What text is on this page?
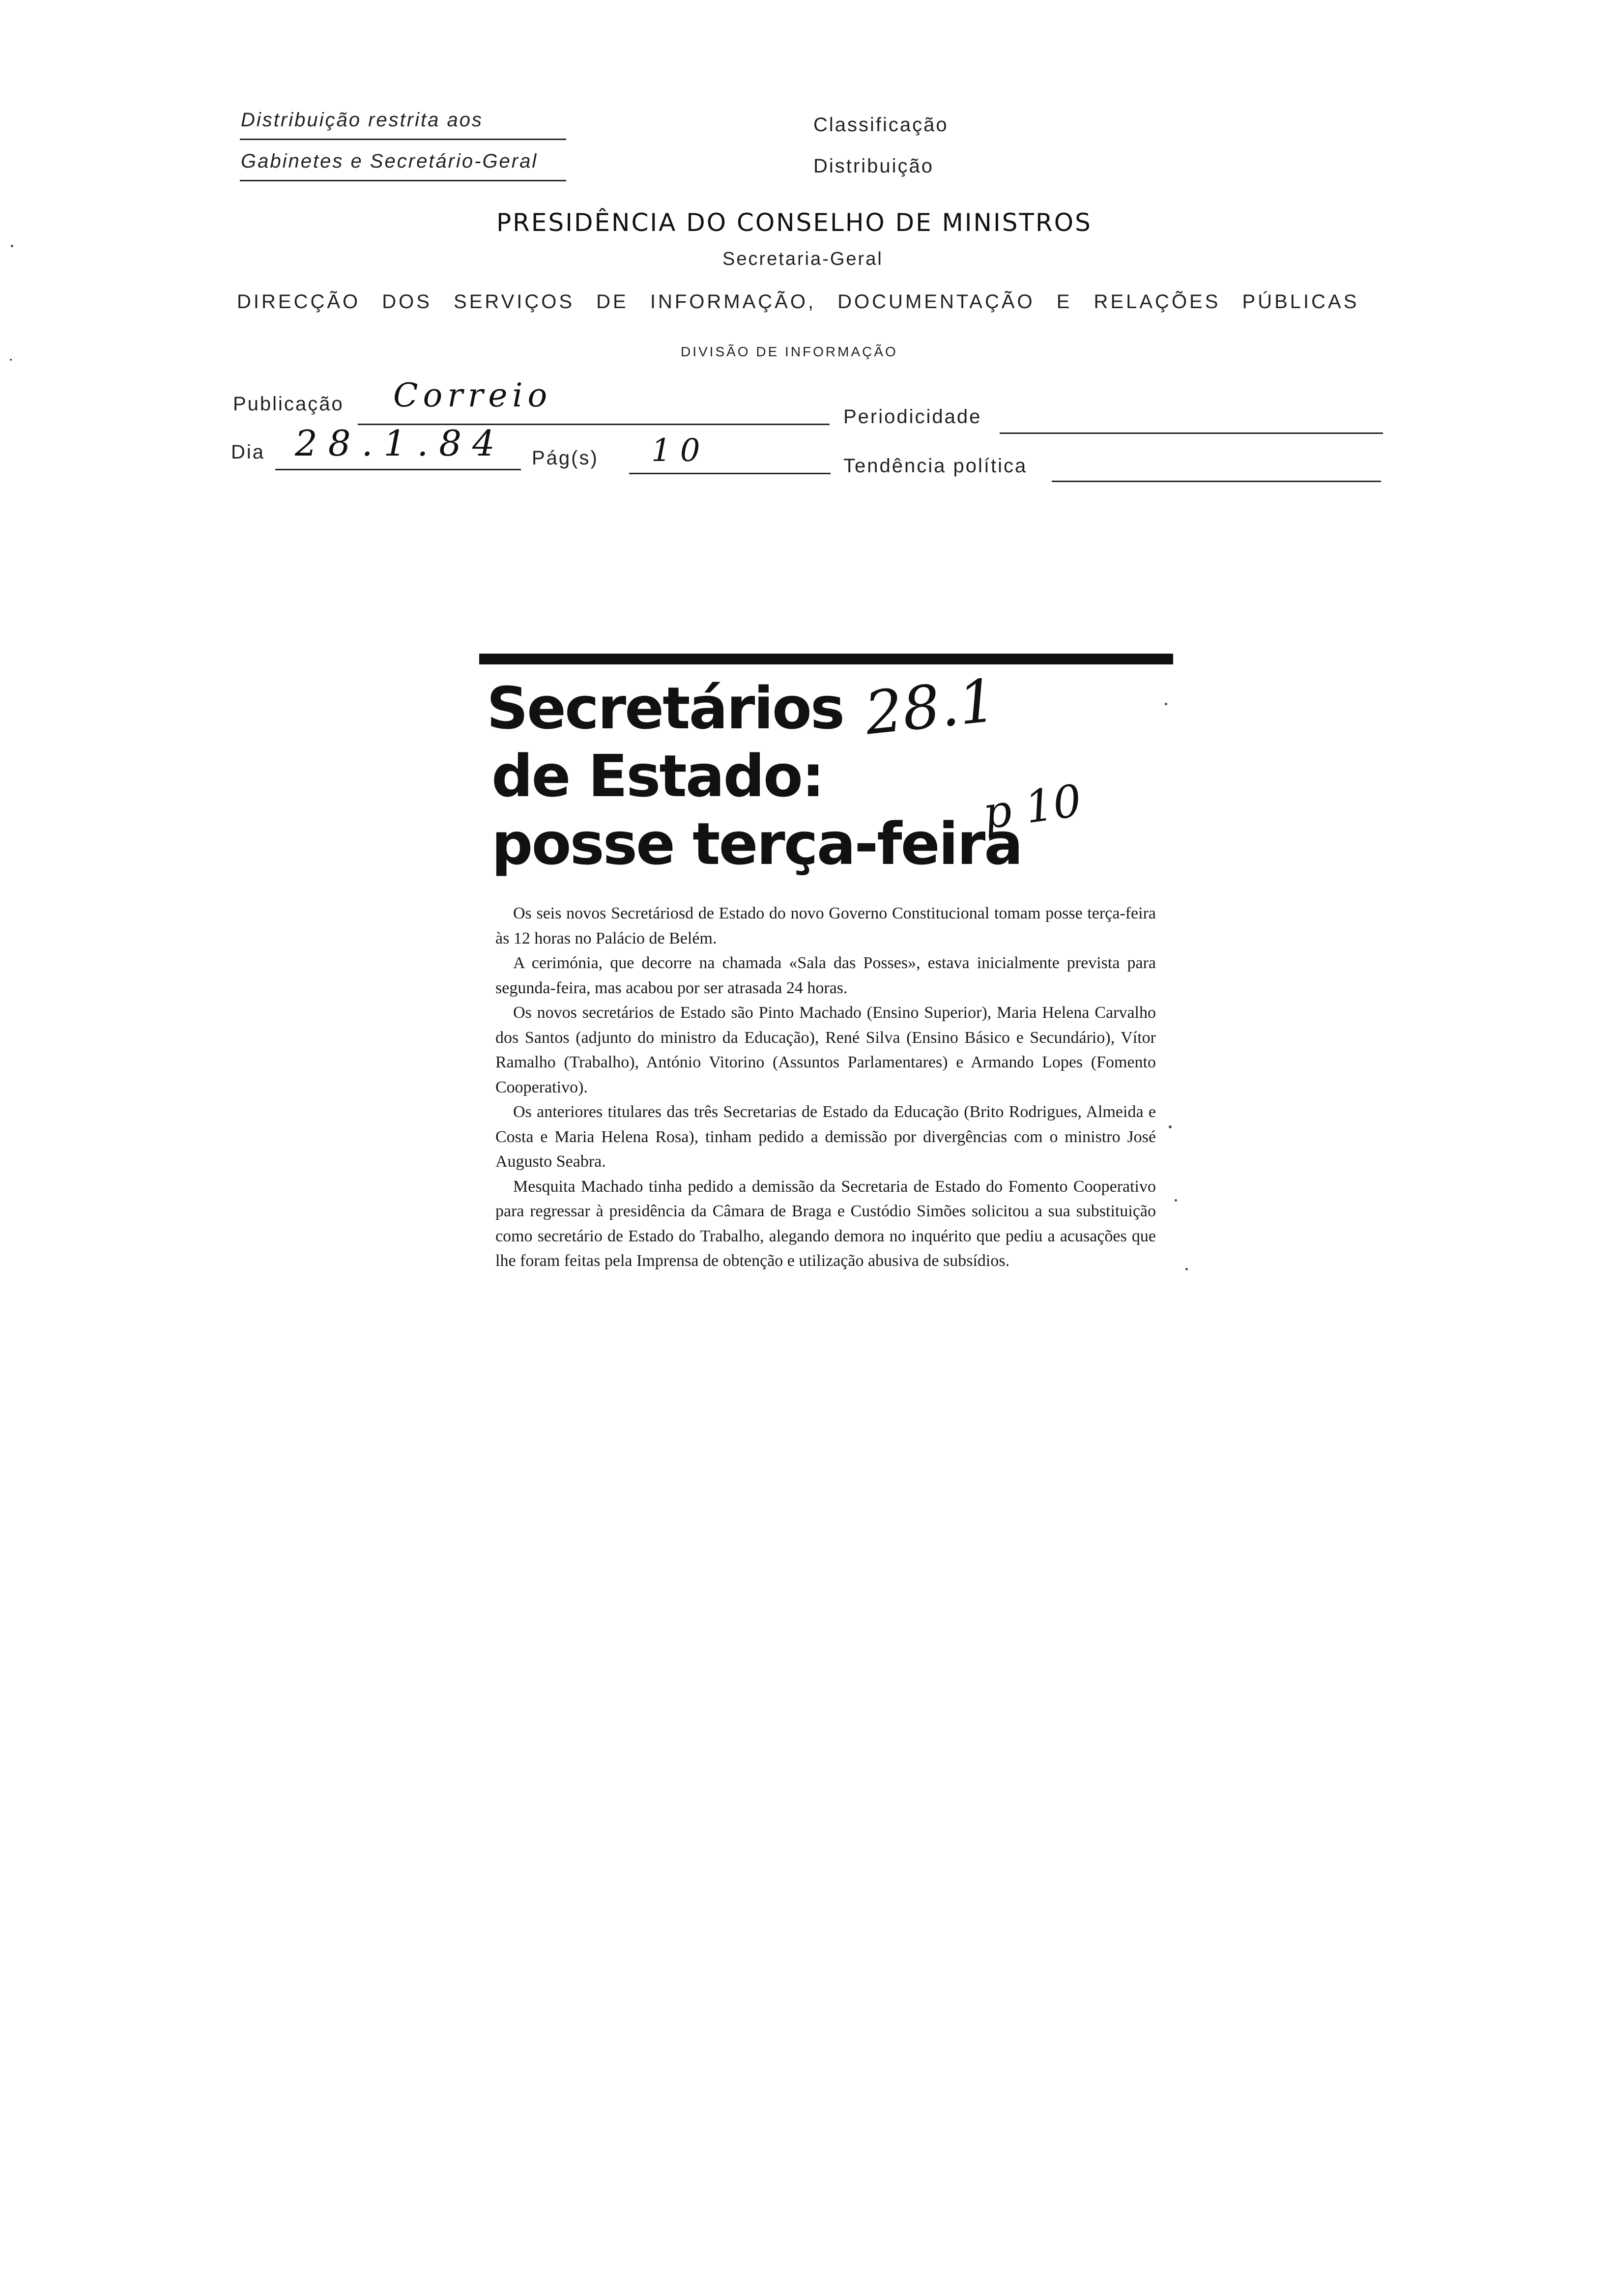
Distribuição restrita aos
Gabinetes e Secretário-Geral
Classificação
Distribuição
PRESIDÊNCIA DO CONSELHO DE MINISTROS
Secretaria-Geral
DIRECÇÃO DOS SERVIÇOS DE INFORMAÇÃO, DOCUMENTAÇÃO E RELAÇÕES PÚBLICAS
DIVISÃO DE INFORMAÇÃO
Publicação Correio
Periodicidade
Dia 28.1.84 Pág(s) 10	Tendência política
Secretários
de Estado:
posse terça-feira
28.1
p 10

Os seis novos Secretáriosd de Estado do novo Governo Constitucional tomam posse terça-feira às 12 horas no Palácio de Belém.

A cerimónia, que decorre na chamada «Sala das Posses», estava inicialmente prevista para segunda-feira, mas acabou por ser atrasada 24 horas.

Os novos secretários de Estado são Pinto Machado (Ensino Superior), Maria Helena Carvalho dos Santos (adjunto do ministro da Educação), René Silva (Ensino Básico e Secundário), Vítor Ramalho (Trabalho), António Vitorino (Assuntos Parlamentares) e Armando Lopes (Fomento Cooperativo).

Os anteriores titulares das três Secretarias de Estado da Educação (Brito Rodrigues, Almeida e Costa e Maria Helena Rosa), tinham pedido a demissão por divergências com o ministro José Augusto Seabra.

Mesquita Machado tinha pedido a demissão da Secretaria de Estado do Fomento Cooperativo para regressar à presidência da Câmara de Braga e Custódio Simões solicitou a sua substituição como secretário de Estado do Trabalho, alegando demora no inquérito que pediu a acusações que lhe foram feitas pela Imprensa de obtenção e utilização abusiva de subsídios.
